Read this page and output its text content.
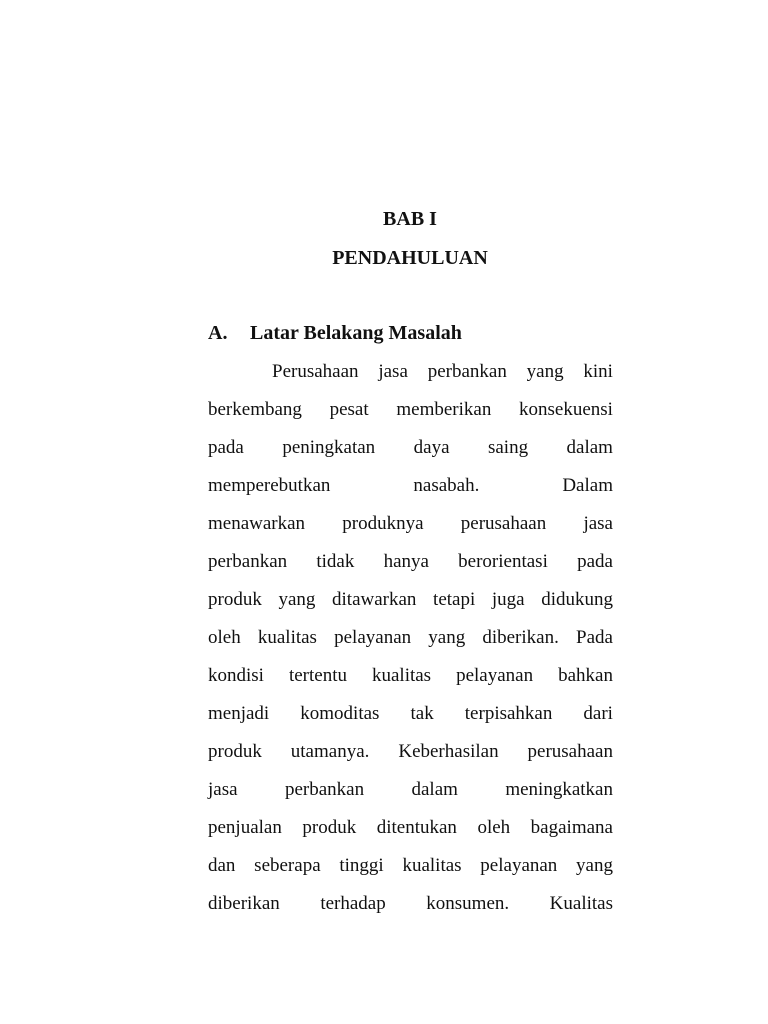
BAB I
PENDAHULUAN
A. Latar Belakang Masalah
Perusahaan jasa perbankan yang kini
berkembang pesat memberikan konsekuensi
pada peningkatan daya saing dalam
memperebutkan	nasabah.	Dalam
menawarkan produknya perusahaan jasa
perbankan tidak hanya berorientasi pada
produk yang ditawarkan tetapi juga didukung
oleh kualitas pelayanan yang diberikan. Pada
kondisi tertentu kualitas pelayanan bahkan
menjadi komoditas tak terpisahkan dari
produk utamanya. Keberhasilan perusahaan
jasa perbankan dalam meningkatkan
penjualan produk ditentukan oleh bagaimana
dan seberapa tinggi kualitas pelayanan yang
diberikan terhadap konsumen. Kualitas
